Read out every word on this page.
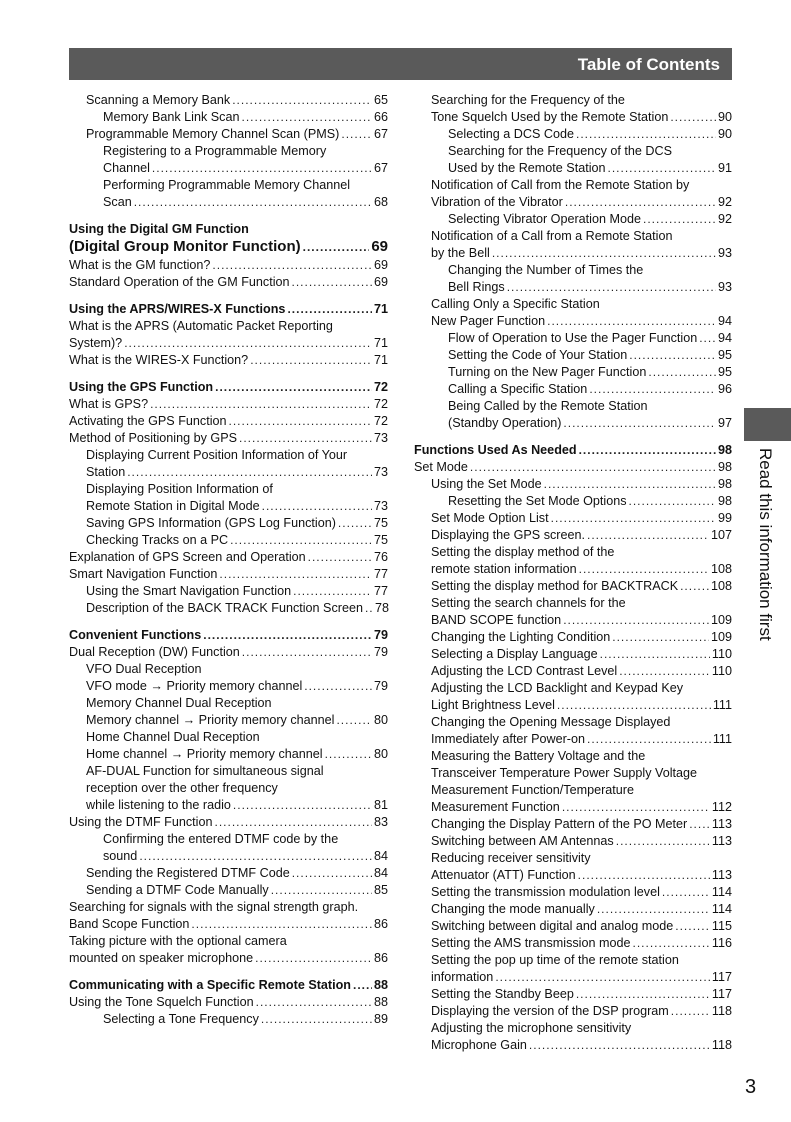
Table of Contents
Scanning a Memory Bank .....	65
Memory Bank Link Scan .....	66
Programmable Memory Channel Scan (PMS) .....	67
Registering to a Programmable Memory
Channel .....	67
Performing Programmable Memory Channel
Scan .....	68
Using the Digital GM Function
(Digital Group Monitor Function) .....	69
What is the GM function? .....	69
Standard Operation of the GM Function .....	69
Using the APRS/WIRES-X Functions .....	71
What is the APRS (Automatic Packet Reporting
System)? .....	71
What is the WIRES-X Function? .....	71
Using the GPS Function .....	72
What is GPS? .....	72
Activating the GPS Function .....	72
Method of Positioning by GPS .....	73
Displaying Current Position Information of Your
Station .....	73
Displaying Position Information of
Remote Station in Digital Mode .....	73
Saving GPS Information (GPS Log Function) .....	75
Checking Tracks on a PC .....	75
Explanation of GPS Screen and Operation .....	76
Smart Navigation Function .....	77
Using the Smart Navigation Function .....	77
Description of the BACK TRACK Function Screen ..... 78
Convenient Functions .....	79
Dual Reception (DW) Function .....	79
VFO Dual Reception
VFO mode → Priority memory channel .....	79
Memory Channel Dual Reception
Memory channel → Priority memory channel .....	80
Home Channel Dual Reception
Home channel → Priority memory channel .....	80
AF-DUAL Function for simultaneous signal
reception over the other frequency
while listening to the radio .....	81
Using the DTMF Function .....	83
Confirming the entered DTMF code by the
sound .....	84
Sending the Registered DTMF Code .....	84
Sending a DTMF Code Manually .....	85
Searching for signals with the signal strength graph.
Band Scope Function .....	86
Taking picture with the optional camera
mounted on speaker microphone .....	86
Communicating with a Specific Remote Station ..... 88
Using the Tone Squelch Function .....	88
Selecting a Tone Frequency .....	89
Searching for the Frequency of the
Tone Squelch Used by the Remote Station .....	90
Selecting a DCS Code .....	90
Searching for the Frequency of the DCS
Used by the Remote Station .....	91
Notification of Call from the Remote Station by
Vibration of the Vibrator .....	92
Selecting Vibrator Operation Mode .....	92
Notification of a Call from a Remote Station
by the Bell .....	93
Changing the Number of Times the
Bell Rings .....	93
Calling Only a Specific Station
New Pager Function .....	94
Flow of Operation to Use the Pager Function ..... 94
Setting the Code of Your Station .....	95
Turning on the New Pager Function .....	95
Calling a Specific Station .....	96
Being Called by the Remote Station
(Standby Operation) .....	97
Functions Used As Needed .....	98
Set Mode .....	98
Using the Set Mode .....	98
Resetting the Set Mode Options .....	98
Set Mode Option List .....	99
Displaying the GPS screen. .....	107
Setting the display method of the
remote station information .....	108
Setting the display method for BACKTRACK .....	108
Setting the search channels for the
BAND SCOPE function .....	109
Changing the Lighting Condition .....	109
Selecting a Display Language .....	110
Adjusting the LCD Contrast Level .....	110
Adjusting the LCD Backlight and Keypad Key
Light Brightness Level .....	111
Changing the Opening Message Displayed
Immediately after Power-on .....	111
Measuring the Battery Voltage and the
Transceiver Temperature Power Supply Voltage
Measurement Function/Temperature
Measurement Function .....	112
Changing the Display Pattern of the PO Meter ..... 113
Switching between AM Antennas .....	113
Reducing receiver sensitivity
Attenuator (ATT) Function .....	113
Setting the transmission modulation level .....	114
Changing the mode manually .....	114
Switching between digital and analog mode .....	115
Setting the AMS transmission mode .....	116
Setting the pop up time of the remote station
information .....	117
Setting the Standby Beep .....	117
Displaying the version of the DSP program .....	118
Adjusting the microphone sensitivity
Microphone Gain .....	118
Read this information first
3
